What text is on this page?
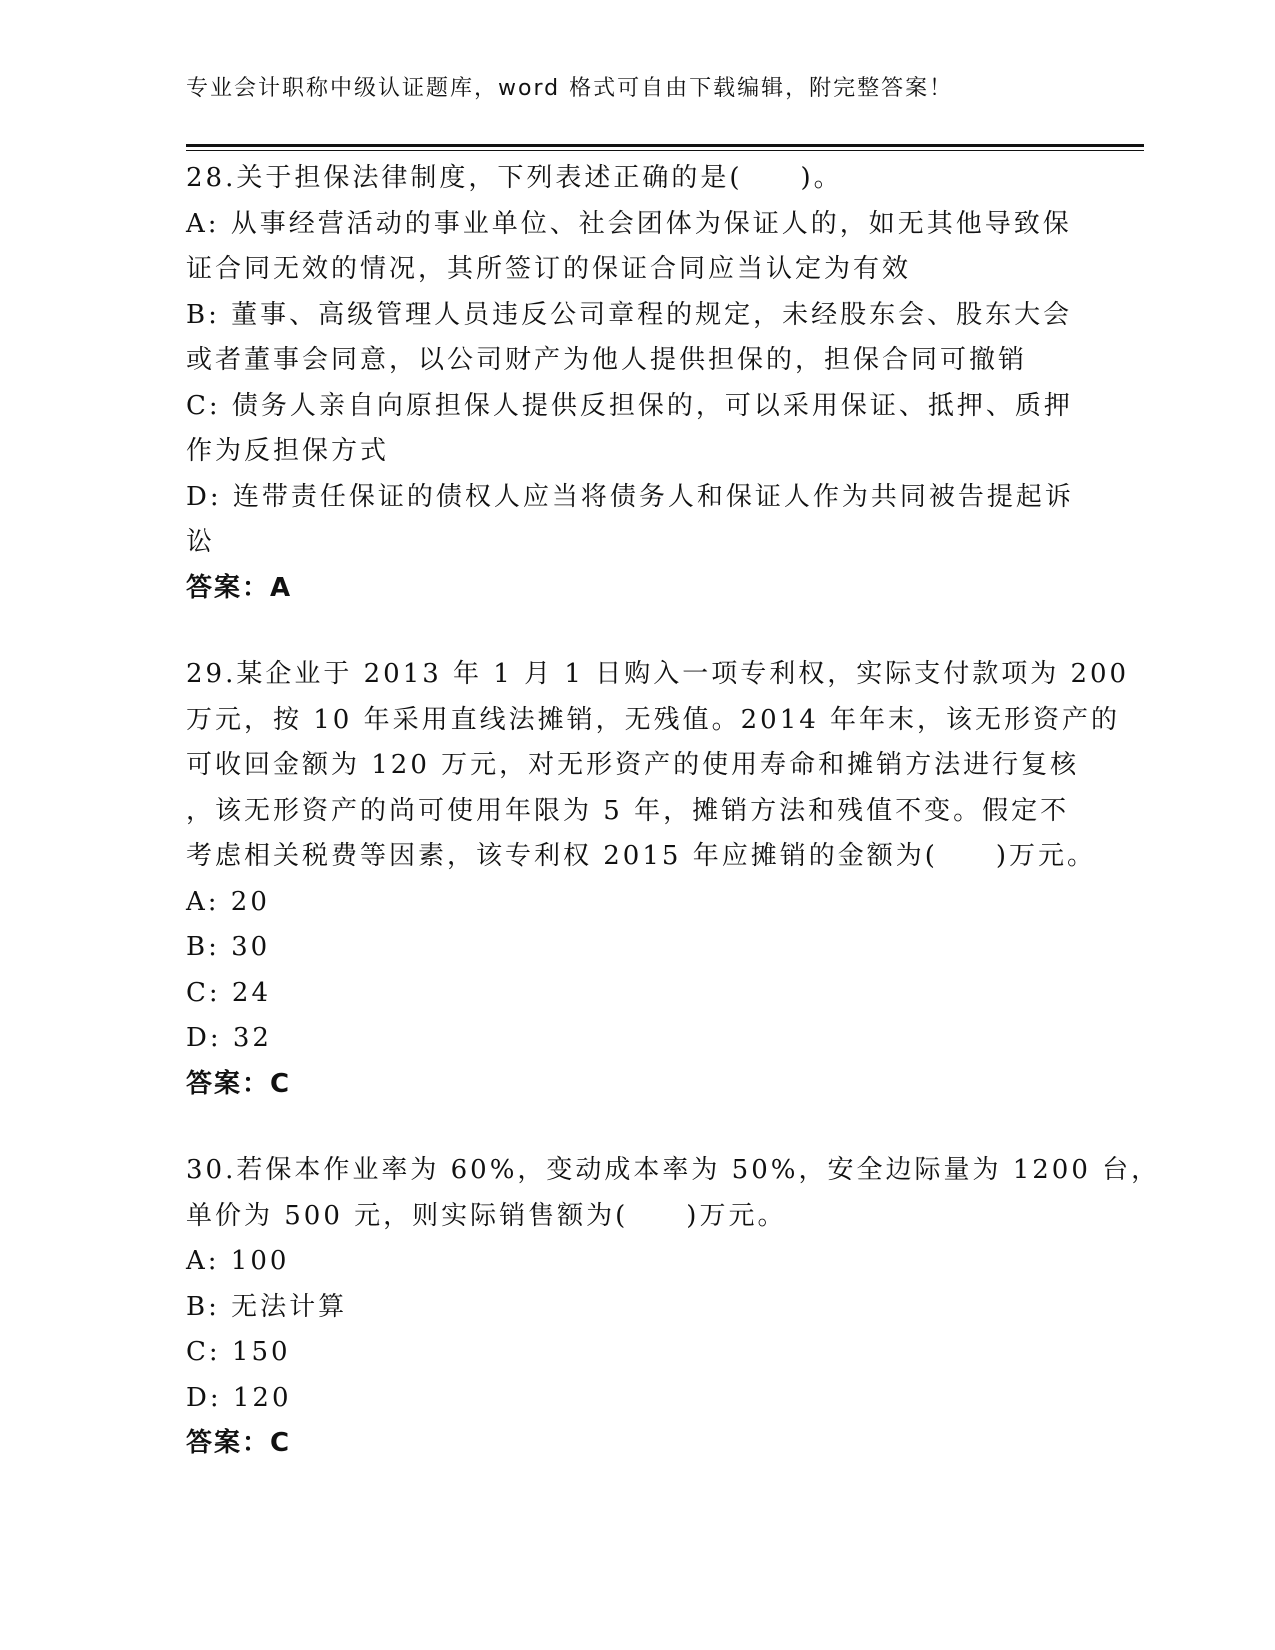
专业会计职称中级认证题库，word 格式可自由下载编辑，附完整答案！

28.关于担保法律制度，下列表述正确的是(　　)。

A: 从事经营活动的事业单位、社会团体为保证人的，如无其他导致保

证合同无效的情况，其所签订的保证合同应当认定为有效

B: 董事、高级管理人员违反公司章程的规定，未经股东会、股东大会

或者董事会同意，以公司财产为他人提供担保的，担保合同可撤销

C: 债务人亲自向原担保人提供反担保的，可以采用保证、抵押、质押

作为反担保方式

D: 连带责任保证的债权人应当将债务人和保证人作为共同被告提起诉

讼

答案：A

29.某企业于 2013 年 1 月 1 日购入一项专利权，实际支付款项为 200

万元，按 10 年采用直线法摊销，无残值。2014 年年末，该无形资产的

可收回金额为 120 万元，对无形资产的使用寿命和摊销方法进行复核

，该无形资产的尚可使用年限为 5 年，摊销方法和残值不变。假定不

考虑相关税费等因素，该专利权 2015 年应摊销的金额为(　　)万元。

A: 20

B: 30

C: 24

D: 32

答案：C

30.若保本作业率为 60%，变动成本率为 50%，安全边际量为 1200 台，

单价为 500 元，则实际销售额为(　　)万元。

A: 100

B: 无法计算

C: 150

D: 120

答案：C
